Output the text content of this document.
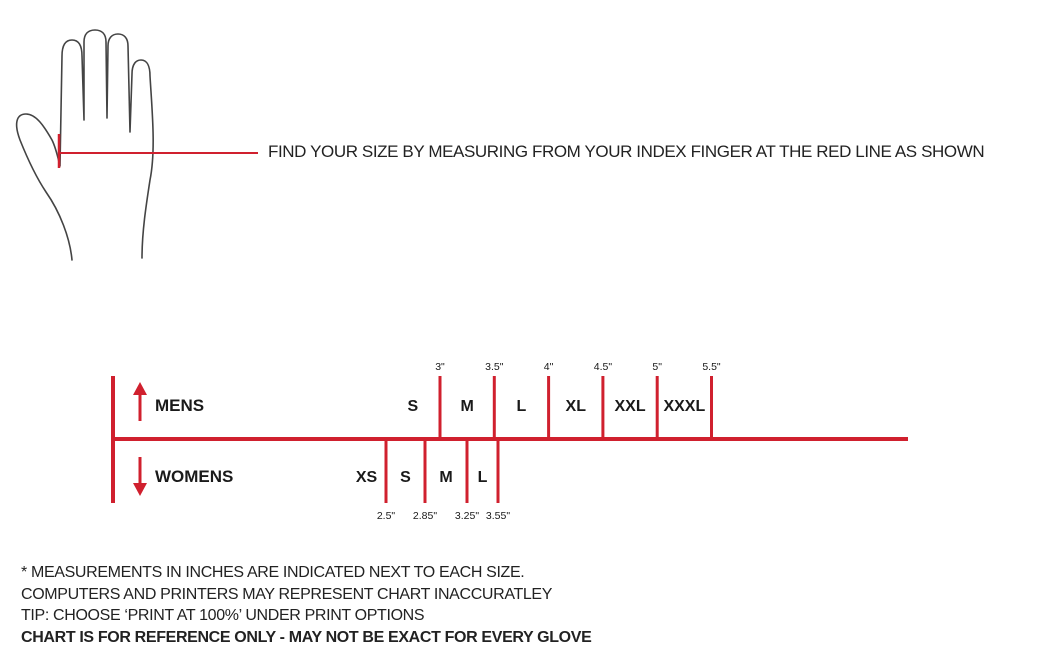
FIND YOUR SIZE BY MEASURING FROM YOUR INDEX FINGER AT THE RED LINE AS SHOWN
MENS
WOMENS
3"	3.5"	4"	4.5"	5"	5.5"
S	M	L XL XXL XXXL
2.5" 2.85" 3.25" 3.55"
XS S M L
* MEASUREMENTS IN INCHES ARE INDICATED NEXT TO EACH SIZE.
COMPUTERS AND PRINTERS MAY REPRESENT CHART INACCURATLEY
TIP: CHOOSE ‘PRINT AT 100%’ UNDER PRINT OPTIONS
CHART IS FOR REFERENCE ONLY - MAY NOT BE EXACT FOR EVERY GLOVE
